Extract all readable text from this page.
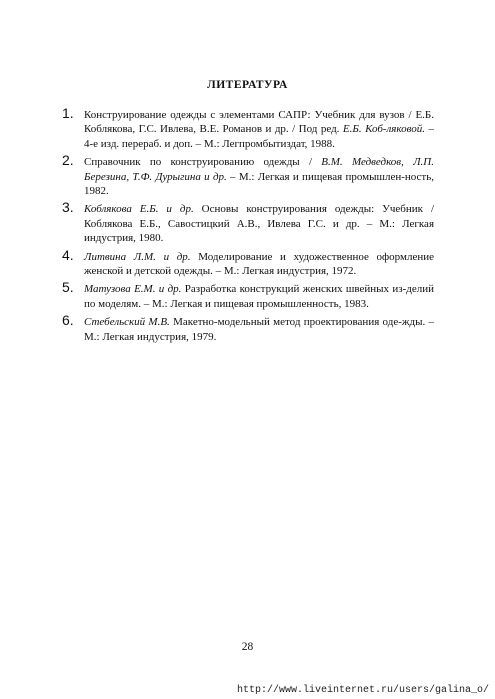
ЛИТЕРАТУРА
1. Конструирование одежды с элементами САПР: Учебник для вузов / Е.Б. Коблякова, Г.С. Ивлева, В.Е. Романов и др. / Под ред. Е.Б. Коб-ляковой. – 4-е изд. перераб. и доп. – М.: Легпромбытиздат, 1988.
2. Справочник по конструированию одежды / В.М. Медведков, Л.П. Березина, Т.Ф. Дурыгина и др. – М.: Легкая и пищевая промышлен-ность, 1982.
3. Коблякова Е.Б. и др. Основы конструирования одежды: Учебник / Коблякова Е.Б., Савостицкий А.В., Ивлева Г.С. и др. – М.: Легкая индустрия, 1980.
4. Литвина Л.М. и др. Моделирование и художественное оформление женской и детской одежды. – М.: Легкая индустрия, 1972.
5. Матузова Е.М. и др. Разработка конструкций женских швейных из-делий по моделям. – М.: Легкая и пищевая промышленность, 1983.
6. Стебельский М.В. Макетно-модельный метод проектирования оде-жды. – М.: Легкая индустрия, 1979.
28
http://www.liveinternet.ru/users/galina_o/
